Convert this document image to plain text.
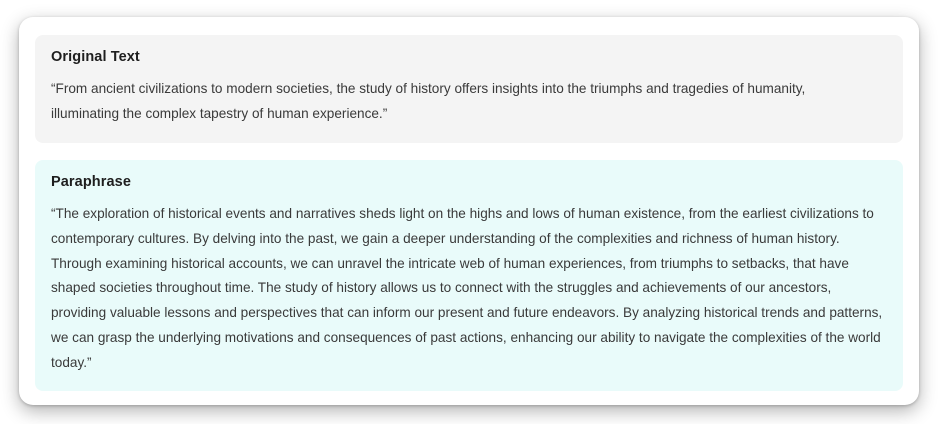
Original Text

“From ancient civilizations to modern societies, the study of history offers insights into the triumphs and tragedies of humanity, illuminating the complex tapestry of human experience.”

Paraphrase

“The exploration of historical events and narratives sheds light on the highs and lows of human existence, from the earliest civilizations to contemporary cultures. By delving into the past, we gain a deeper understanding of the complexities and richness of human history. Through examining historical accounts, we can unravel the intricate web of human experiences, from triumphs to setbacks, that have shaped societies throughout time. The study of history allows us to connect with the struggles and achievements of our ancestors, providing valuable lessons and perspectives that can inform our present and future endeavors. By analyzing historical trends and patterns, we can grasp the underlying motivations and consequences of past actions, enhancing our ability to navigate the complexities of the world today.”
